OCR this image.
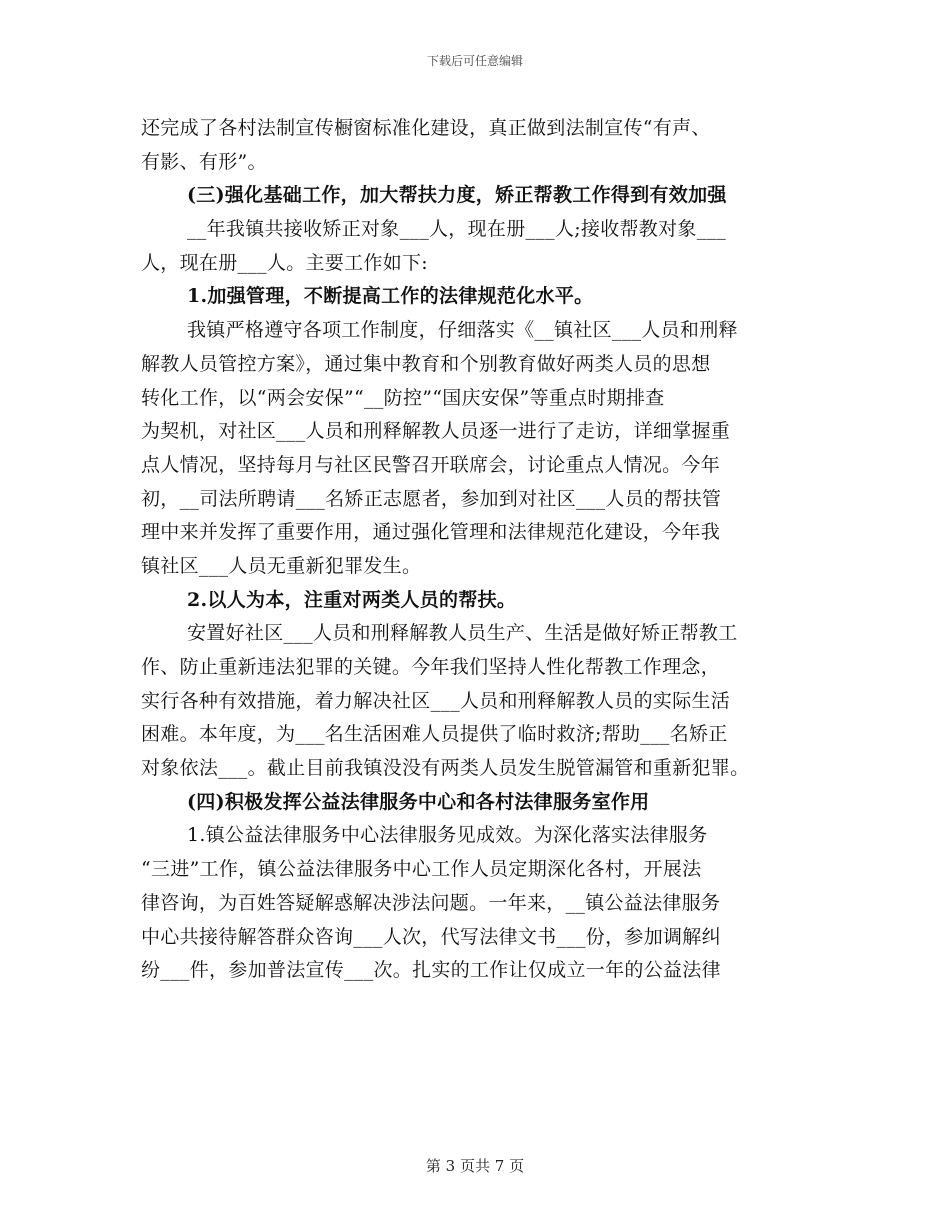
下载后可任意编辑
还完成了各村法制宣传橱窗标准化建设，真正做到法制宣传“有声、
有影、有形”。
(三)强化基础工作，加大帮扶力度，矫正帮教工作得到有效加强
__年我镇共接收矫正对象___人，现在册___人;接收帮教对象___
人，现在册___人。主要工作如下:
1.加强管理，不断提高工作的法律规范化水平。
我镇严格遵守各项工作制度，仔细落实《__镇社区___人员和刑释
解教人员管控方案》，通过集中教育和个别教育做好两类人员的思想
转化工作，以“两会安保”“__防控”“国庆安保”等重点时期排查
为契机，对社区___人员和刑释解教人员逐一进行了走访，详细掌握重
点人情况，坚持每月与社区民警召开联席会，讨论重点人情况。今年
初，__司法所聘请___名矫正志愿者，参加到对社区___人员的帮扶管
理中来并发挥了重要作用，通过强化管理和法律规范化建设，今年我
镇社区___人员无重新犯罪发生。
2.以人为本，注重对两类人员的帮扶。
安置好社区___人员和刑释解教人员生产、生活是做好矫正帮教工
作、防止重新违法犯罪的关键。今年我们坚持人性化帮教工作理念，
实行各种有效措施，着力解决社区___人员和刑释解教人员的实际生活
困难。本年度，为___名生活困难人员提供了临时救济;帮助___名矫正
对象依法___。截止目前我镇没没有两类人员发生脱管漏管和重新犯罪。
(四)积极发挥公益法律服务中心和各村法律服务室作用
1.镇公益法律服务中心法律服务见成效。为深化落实法律服务
“三进”工作，镇公益法律服务中心工作人员定期深化各村，开展法
律咨询，为百姓答疑解惑解决涉法问题。一年来，__镇公益法律服务
中心共接待解答群众咨询___人次，代写法律文书___份，参加调解纠
纷___件，参加普法宣传___次。扎实的工作让仅成立一年的公益法律
第 3 页共 7 页
